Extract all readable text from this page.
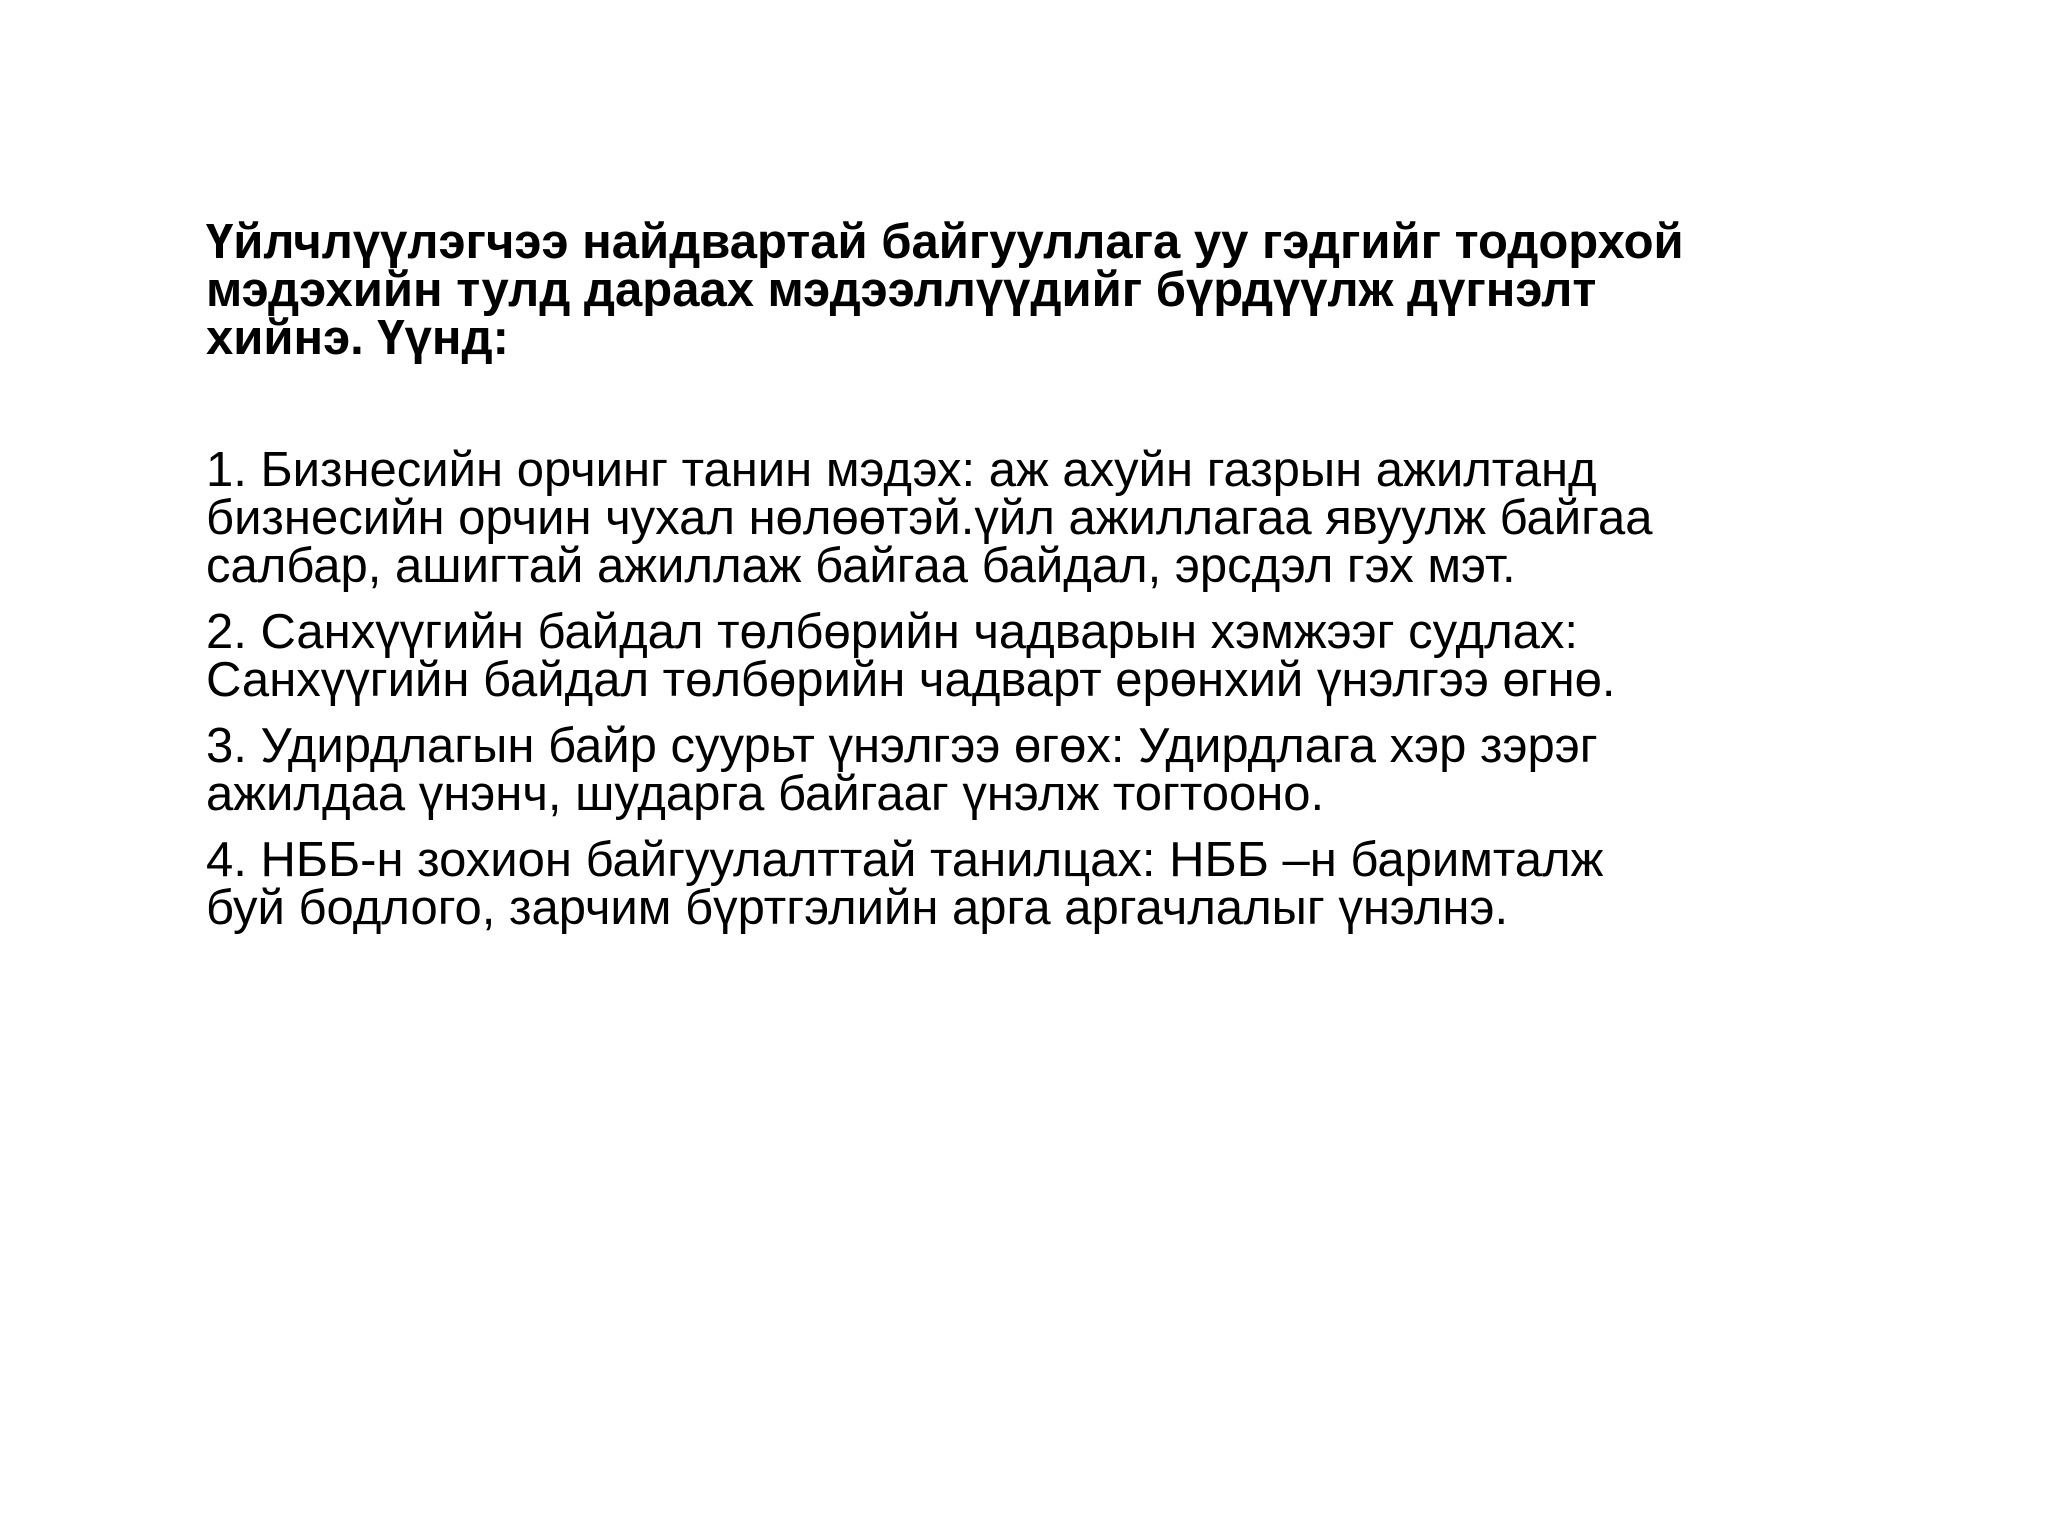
Үйлчлүүлэгчээ найдвартай байгууллага уу гэдгийг тодорхой
мэдэхийн тулд дараах мэдээллүүдийг бүрдүүлж дүгнэлт
хийнэ. Үүнд:

1. Бизнесийн орчинг танин мэдэх: аж ахуйн газрын ажилтанд
бизнесийн орчин чухал нөлөөтэй.үйл ажиллагаа явуулж байгаа
салбар, ашигтай ажиллаж байгаа байдал, эрсдэл гэх мэт.
2. Санхүүгийн байдал төлбөрийн чадварын хэмжээг судлах:
Санхүүгийн байдал төлбөрийн чадварт ерөнхий үнэлгээ өгнө.
3. Удирдлагын байр суурьт үнэлгээ өгөх: Удирдлага хэр зэрэг
ажилдаа үнэнч, шударга байгааг үнэлж тогтооно.
4. НББ-н зохион байгуулалттай танилцах: НББ –н баримталж
буй бодлого, зарчим бүртгэлийн арга аргачлалыг үнэлнэ.
